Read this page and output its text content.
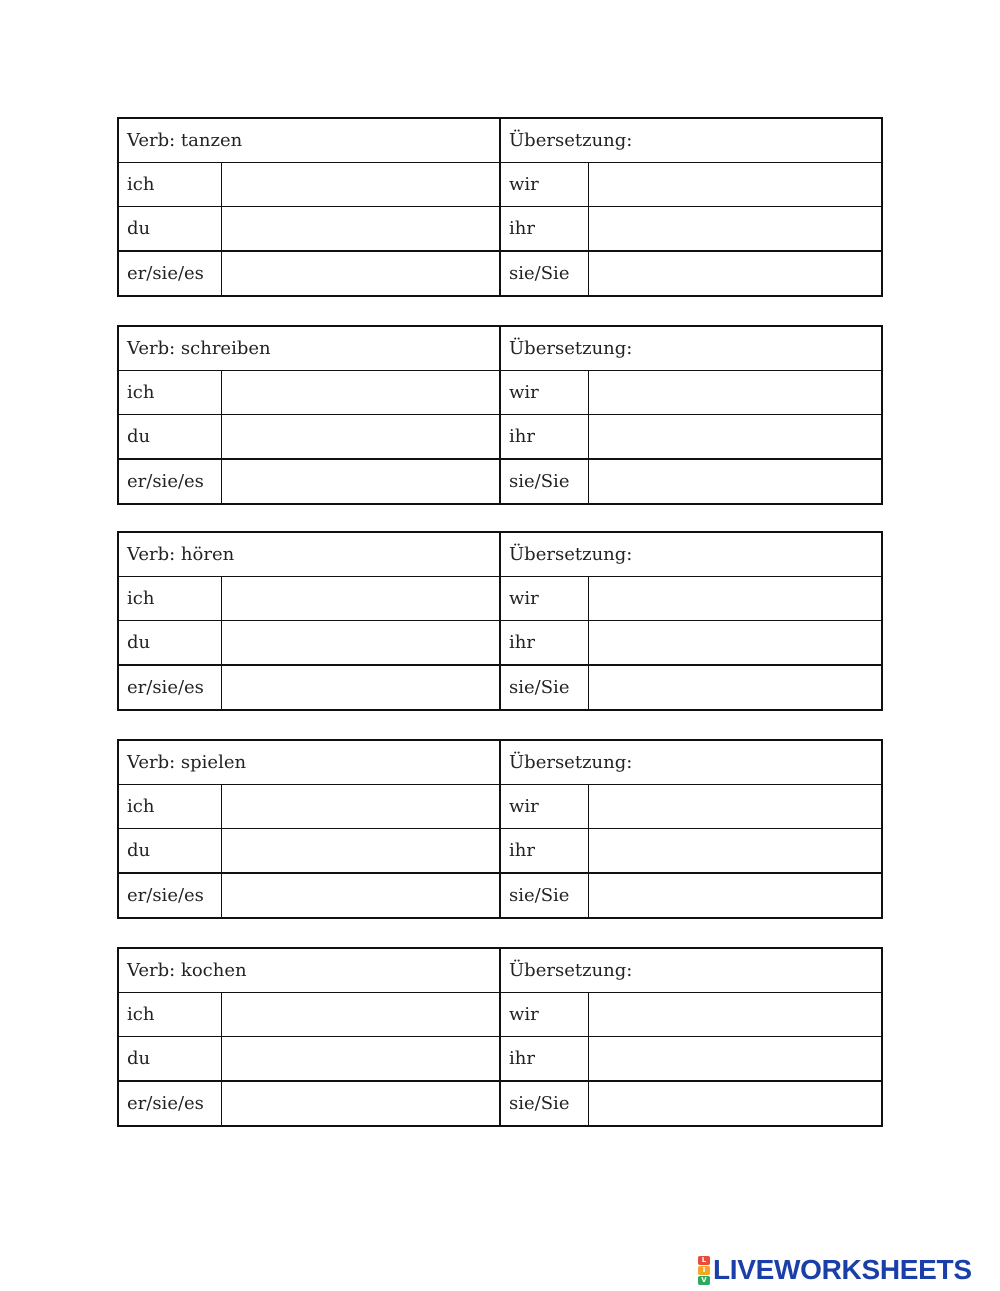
Verb: tanzen		Übersetzung:	
ich		wir	
du		ihr	
er/sie/es		sie/Sie	
Verb: schreiben		Übersetzung:	
ich		wir	
du		ihr	
er/sie/es		sie/Sie	
Verb: hören		Übersetzung:	
ich		wir	
du		ihr	
er/sie/es		sie/Sie	
Verb: spielen		Übersetzung:	
ich		wir	
du		ihr	
er/sie/es		sie/Sie	
Verb: kochen		Übersetzung:	
ich		wir	
du		ihr	
er/sie/es		sie/Sie	
L
I
V LIVEWORKSHEETS
